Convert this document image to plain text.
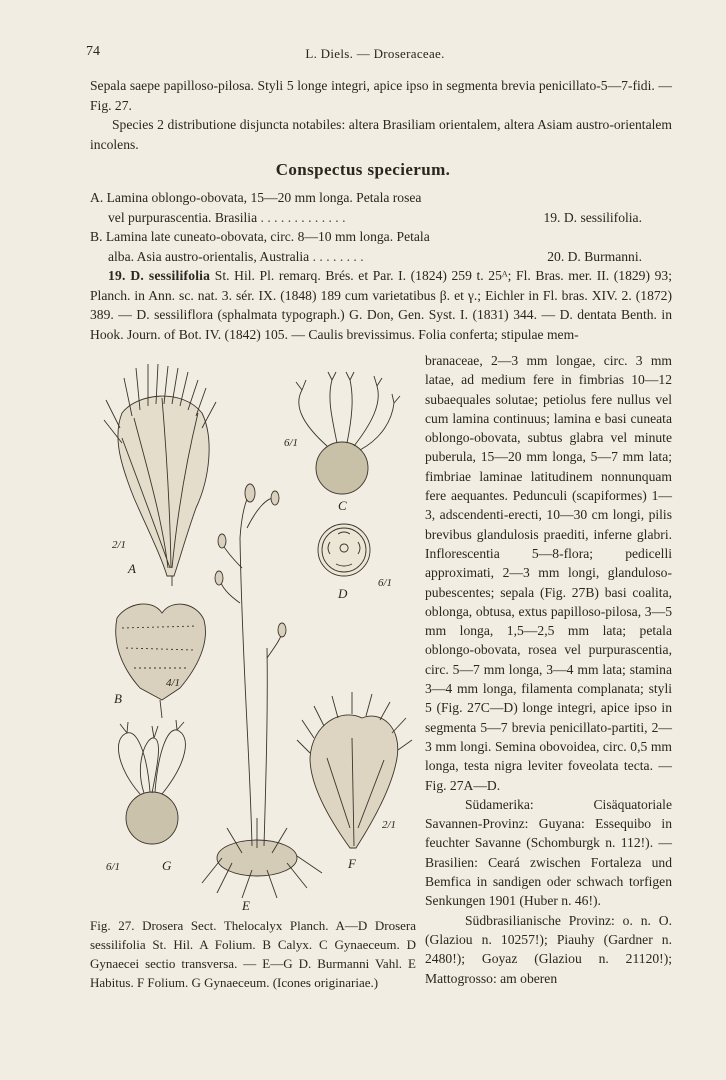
74	L. Diels. — Droseraceae.

Sepala saepe papilloso-pilosa. Styli 5 longe integri, apice ipso in segmenta brevia penicillato-5—7-fidi. — Fig. 27.

Species 2 distributione disjuncta notabiles: altera Brasiliam orientalem, altera Asiam austro-orientalem incolens.

Conspectus specierum.
A. Lamina oblongo-obovata, 15—20 mm longa. Petala rosea
vel purpurascentia. Brasilia . . . . . . . . . . . . .	19. D. sessilifolia.
B. Lamina late cuneato-obovata, circ. 8—10 mm longa. Petala
alba. Asia austro-orientalis, Australia . . . . . . . .	20. D. Burmanni.

19. D. sessilifolia St. Hil. Pl. remarq. Brés. et Par. I. (1824) 259 t. 25ᴬ; Fl. Bras. mer. II. (1829) 93; Planch. in Ann. sc. nat. 3. sér. IX. (1848) 189 cum varietatibus β. et γ.; Eichler in Fl. bras. XIV. 2. (1872) 389. — D. sessiliflora (sphalmata typograph.) G. Don, Gen. Syst. I. (1831) 344. — D. dentata Benth. in Hook. Journ. of Bot. IV. (1842) 105. — Caulis brevissimus. Folia conferta; stipulae mem-

A
2/1
B
4/1
C
6/1
D
6/1
E
F
2/1
G
6/1

branaceae, 2—3 mm longae, circ. 3 mm latae, ad medium fere in fimbrias 10—12 subaequales solutae; petiolus fere nullus vel cum lamina continuus; lamina e basi cuneata oblongo-obovata, subtus glabra vel minute puberula, 15—20 mm longa, 5—7 mm lata; fimbriae laminae latitudinem nonnunquam fere aequantes. Pedunculi (scapiformes) 1—3, adscendenti-erecti, 10—30 cm longi, pilis brevibus glandulosis praediti, inferne glabri. Inflorescentia 5—8-flora; pedicelli approximati, 2—3 mm longi, glanduloso-pubescentes; sepala (Fig. 27B) basi coalita, oblonga, obtusa, extus papilloso-pilosa, 3—5 mm longa, 1,5—2,5 mm lata; petala oblongo-obovata, rosea vel purpurascentia, circ. 5—7 mm longa, 3—4 mm lata; stamina 3—4 mm longa, filamenta complanata; styli 5 (Fig. 27C—D) longe integri, apice ipso in segmenta 5—7 brevia penicillato-partiti, 2—3 mm longi. Semina obovoidea, circ. 0,5 mm longa, testa nigra leviter foveolata tecta. — Fig. 27A—D.

Südamerika: Cisäquatoriale Savannen-Provinz: Guyana: Essequibo in feuchter Savanne (Schomburgk n. 112!). — Brasilien: Ceará zwischen Fortaleza und Bemfica in sandigen oder schwach torfigen Senkungen 1901 (Huber n. 46!).

Südbrasilianische Provinz: o. n. O. (Glaziou n. 10257!); Piauhy (Gardner n. 2480!); Goyaz (Glaziou n. 21120!); Mattogrosso: am oberen

Fig. 27. Drosera Sect. Thelocalyx Planch. A—D Drosera sessilifolia St. Hil. A Folium. B Calyx. C Gynaeceum. D Gynaecei sectio transversa. — E—G D. Burmanni Vahl. E Habitus. F Folium. G Gynaeceum. (Icones originariae.)
